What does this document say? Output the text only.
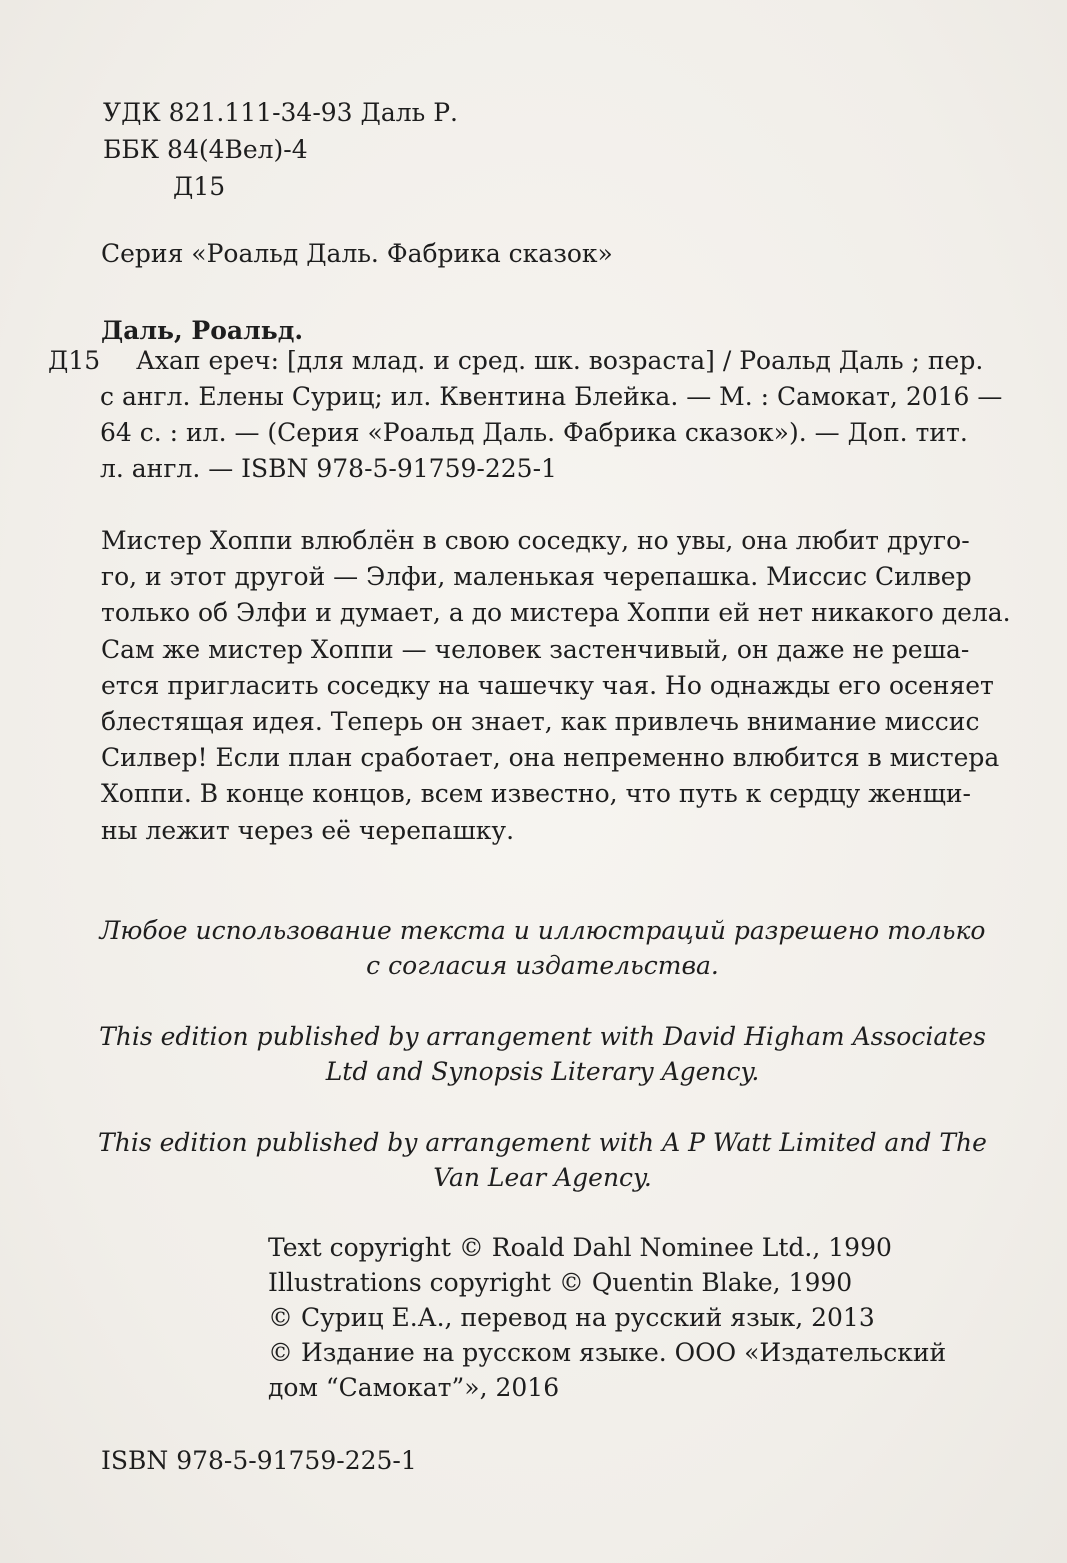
УДК 821.111-34-93 Даль Р.
ББК 84(4Вел)-4
Д15
Серия «Роальд Даль. Фабрика сказок»
Даль, Роальд.
Д15 Ахап ереч: [для млад. и сред. шк. возраста] / Роальд Даль ; пер.
с англ. Елены Суриц; ил. Квентина Блейка. — М. : Самокат, 2016 —
64 с. : ил. — (Серия «Роальд Даль. Фабрика сказок»). — Доп. тит.
л. англ. — ISBN 978-5-91759-225-1
Мистер Хоппи влюблён в свою соседку, но увы, она любит друго-
го, и этот другой — Элфи, маленькая черепашка. Миссис Силвер
только об Элфи и думает, а до мистера Хоппи ей нет никакого дела.
Сам же мистер Хоппи — человек застенчивый, он даже не реша-
ется пригласить соседку на чашечку чая. Но однажды его осеняет
блестящая идея. Теперь он знает, как привлечь внимание миссис
Силвер! Если план сработает, она непременно влюбится в мистера
Хоппи. В конце концов, всем известно, что путь к сердцу женщи-
ны лежит через её черепашку.
Любое использование текста и иллюстраций разрешено только
с согласия издательства.
This edition published by arrangement with David Higham Associates
Ltd and Synopsis Literary Agency.
This edition published by arrangement with A P Watt Limited and The
Van Lear Agency.
Text copyright © Roald Dahl Nominee Ltd., 1990
Illustrations copyright © Quentin Blake, 1990
© Суриц Е.А., перевод на русский язык, 2013
© Издание на русском языке. ООО «Издательский
дом “Самокат”», 2016
ISBN 978-5-91759-225-1
